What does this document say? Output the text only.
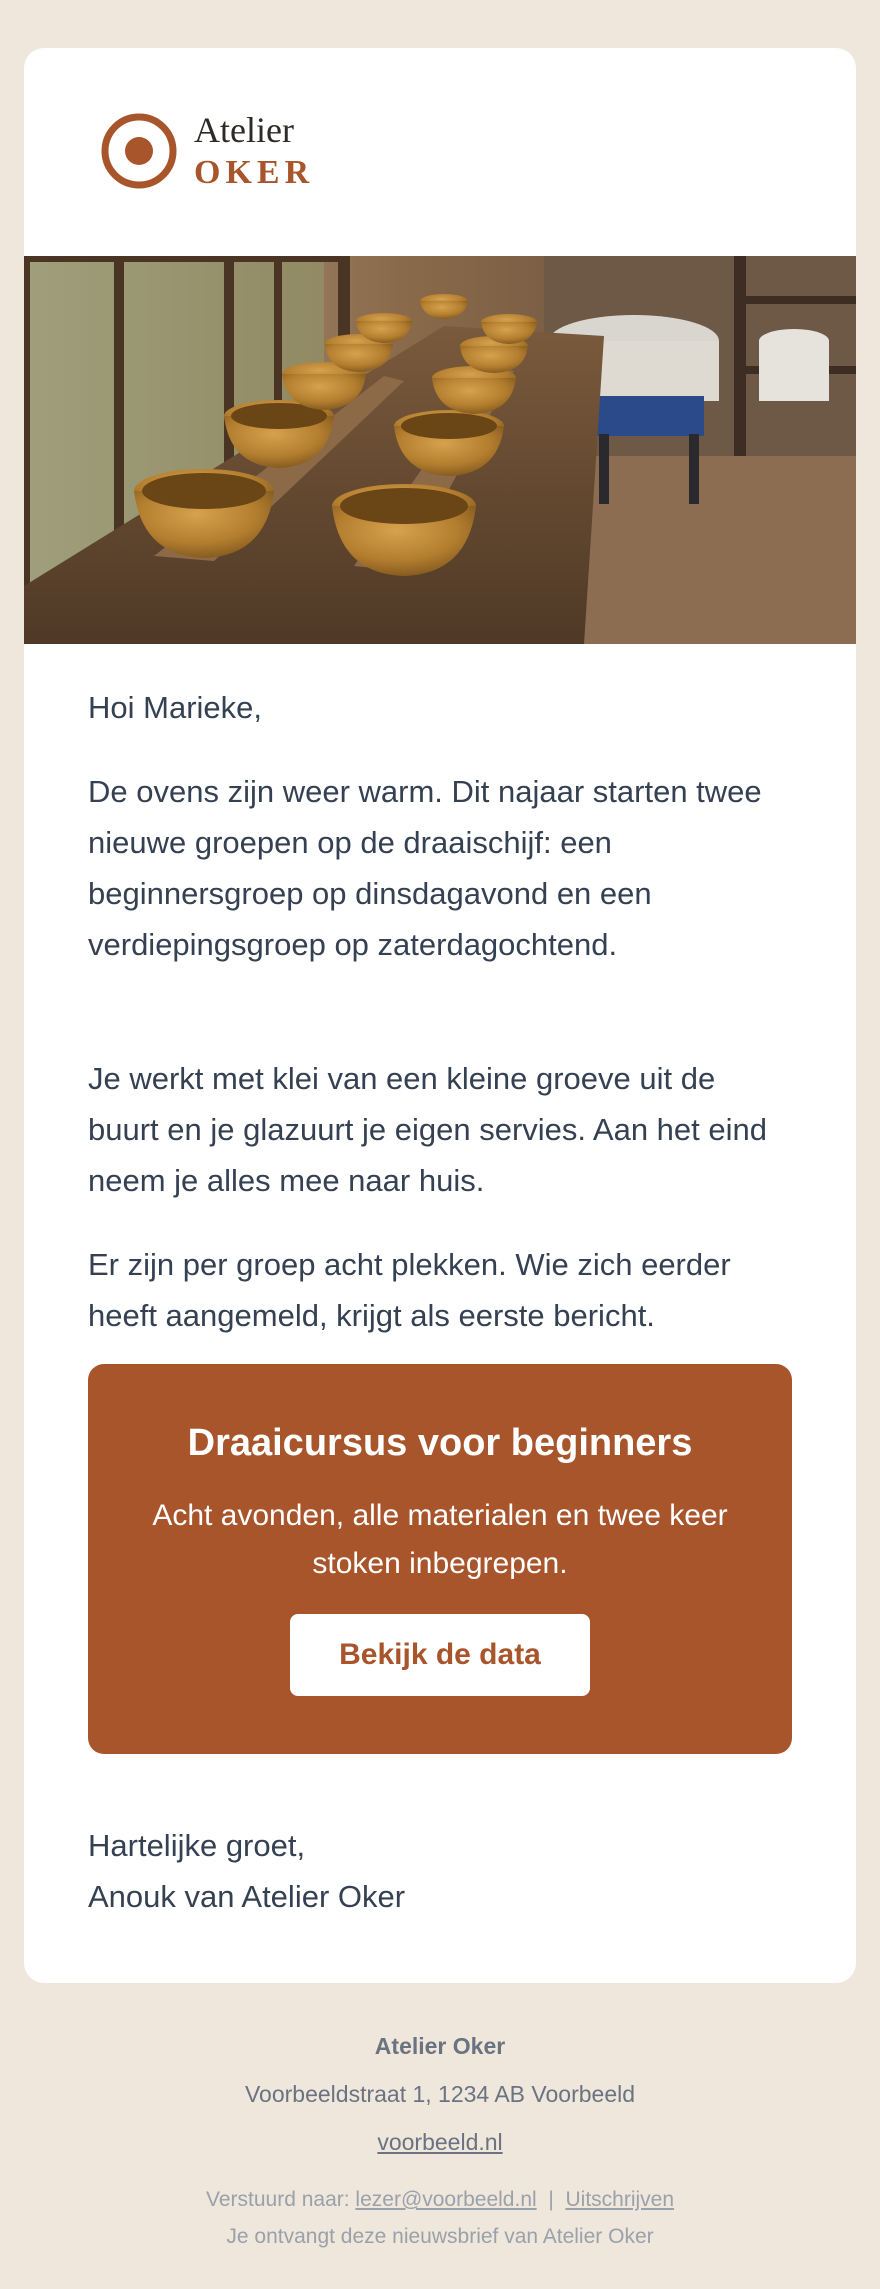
Atelier
OKER

Hoi Marieke,

De ovens zijn weer warm. Dit najaar starten twee nieuwe groepen op de draaischijf: een beginnersgroep op dinsdagavond en een verdiepingsgroep op zaterdagochtend.

Je werkt met klei van een kleine groeve uit de buurt en je glazuurt je eigen servies. Aan het eind neem je alles mee naar huis.

Er zijn per groep acht plekken. Wie zich eerder heeft aangemeld, krijgt als eerste bericht.

Draaicursus voor beginners
Acht avonden, alle materialen en twee keer stoken inbegrepen.
Bekijk de data

Hartelijke groet,

Anouk van Atelier Oker

Atelier Oker
Voorbeeldstraat 1, 1234 AB Voorbeeld
voorbeeld.nl
Verstuurd naar: lezer@voorbeeld.nl | Uitschrijven
Je ontvangt deze nieuwsbrief van Atelier Oker
